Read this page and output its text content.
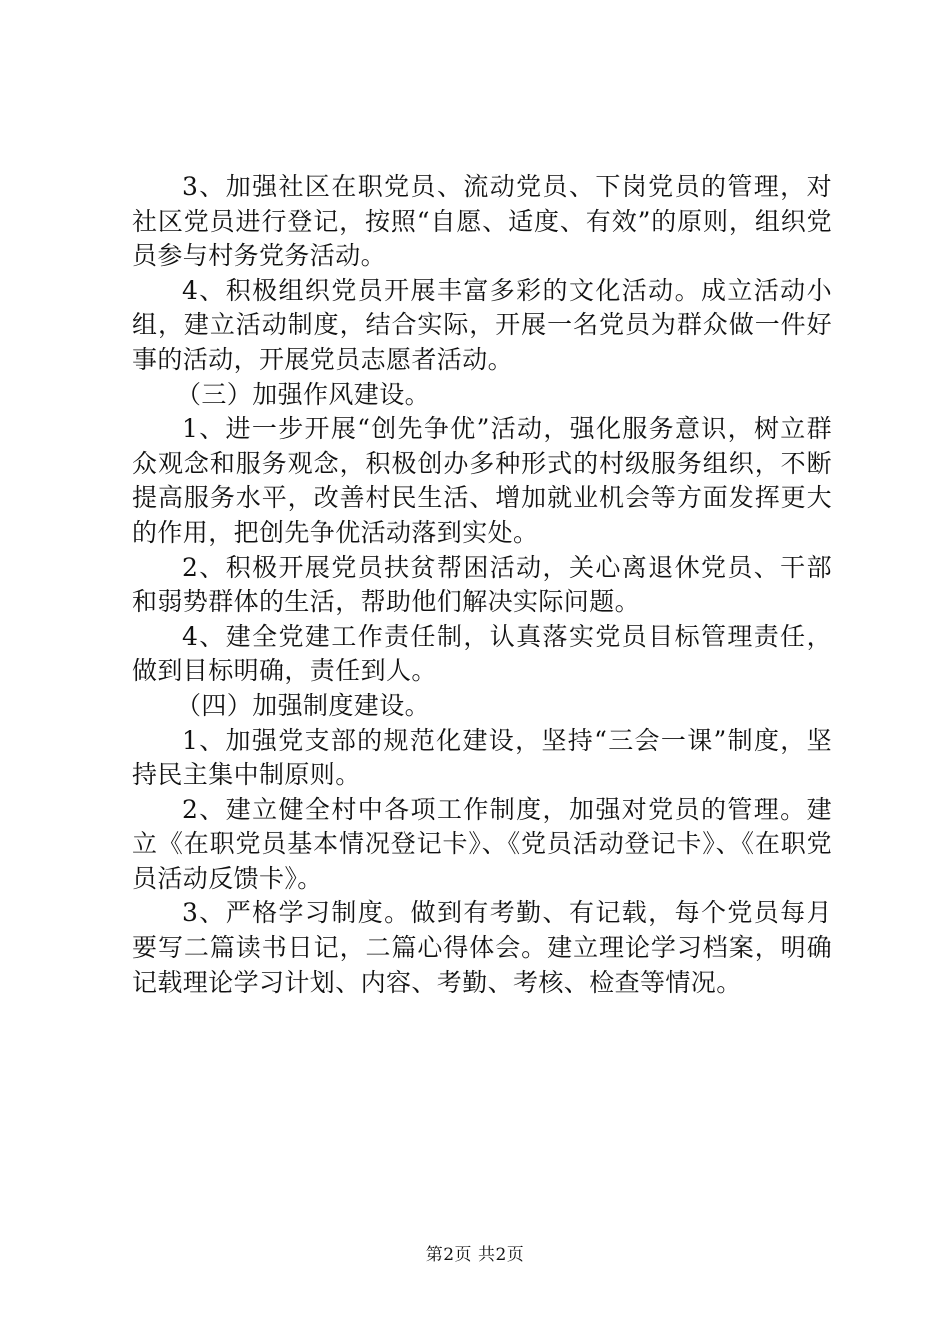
3、加强社区在职党员、流动党员、下岗党员的管理，对社区党员进行登记，按照“自愿、适度、有效”的原则，组织党员参与村务党务活动。

4、积极组织党员开展丰富多彩的文化活动。成立活动小组，建立活动制度，结合实际，开展一名党员为群众做一件好事的活动，开展党员志愿者活动。

（三）加强作风建设。

1、进一步开展“创先争优”活动，强化服务意识，树立群众观念和服务观念，积极创办多种形式的村级服务组织，不断提高服务水平，改善村民生活、增加就业机会等方面发挥更大的作用，把创先争优活动落到实处。

2、积极开展党员扶贫帮困活动，关心离退休党员、干部和弱势群体的生活，帮助他们解决实际问题。

4、建全党建工作责任制，认真落实党员目标管理责任，做到目标明确，责任到人。

（四）加强制度建设。

1、加强党支部的规范化建设，坚持“三会一课”制度，坚持民主集中制原则。

2、建立健全村中各项工作制度，加强对党员的管理。建立《在职党员基本情况登记卡》、《党员活动登记卡》、《在职党员活动反馈卡》。

3、严格学习制度。做到有考勤、有记载，每个党员每月要写二篇读书日记，二篇心得体会。建立理论学习档案，明确记载理论学习计划、内容、考勤、考核、检查等情况。

第2页 共2页
